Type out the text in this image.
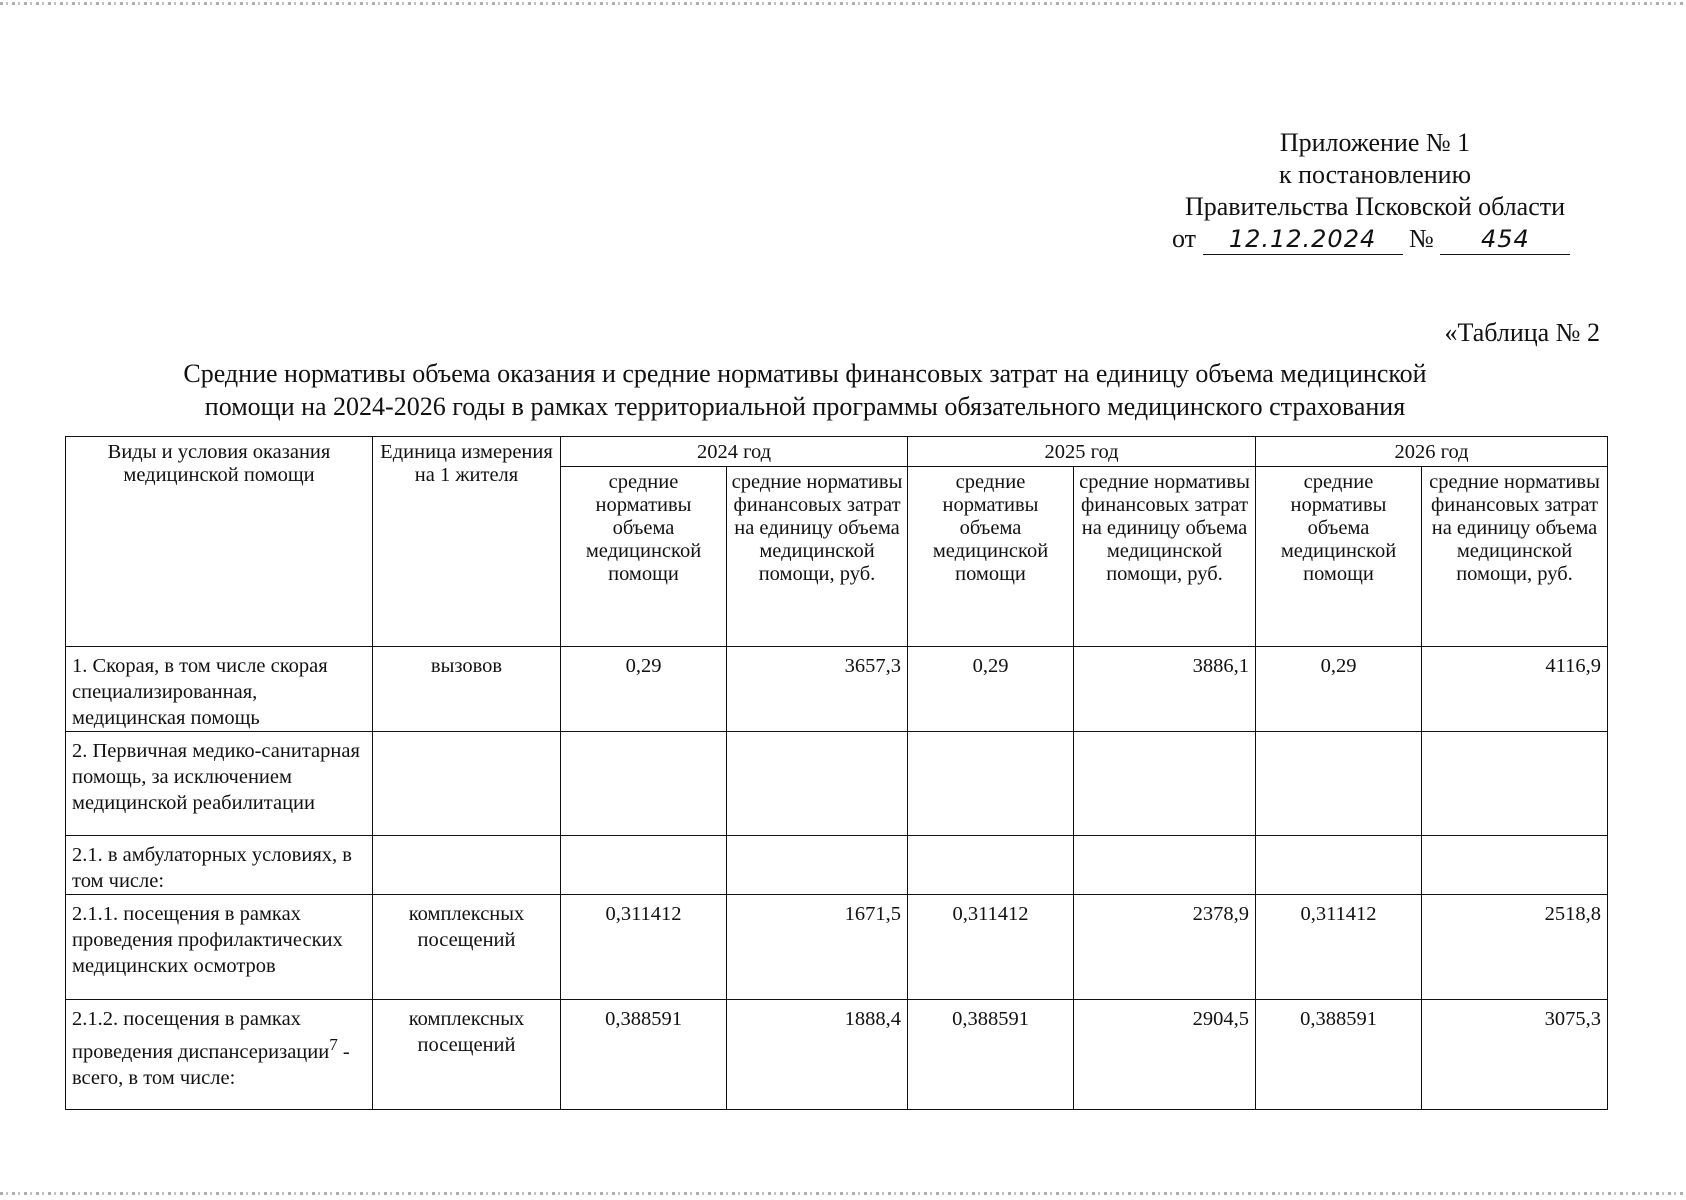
Приложение № 1
к постановлению
Правительства Псковской области
от 12.12.2024 № 454
«Таблица № 2
Средние нормативы объема оказания и средние нормативы финансовых затрат на единицу объема медицинской
помощи на 2024-2026 годы в рамках территориальной программы обязательного медицинского страхования
Виды и условия оказания медицинской помощи	Единица измерения на 1 жителя	2024 год		2025 год		2026 год	
		средние нормативы объема медицинской помощи	средние нормативы финансовых затрат на единицу объема медицинской помощи, руб.	средние нормативы объема медицинской помощи	средние нормативы финансовых затрат на единицу объема медицинской помощи, руб.	средние нормативы объема медицинской помощи	средние нормативы финансовых затрат на единицу объема медицинской помощи, руб.
1. Скорая, в том числе скорая специализированная, медицинская помощь	вызовов	0,29	3657,3	0,29	3886,1	0,29	4116,9
2. Первичная медико-санитарная помощь, за исключением медицинской реабилитации							
2.1. в амбулаторных условиях, в том числе:							
2.1.1. посещения в рамках проведения профилактических медицинских осмотров	комплексных посещений	0,311412	1671,5	0,311412	2378,9	0,311412	2518,8
2.1.2. посещения в рамках проведения диспансеризации$^7$ - всего, в том числе:	комплексных посещений	0,388591	1888,4	0,388591	2904,5	0,388591	3075,3
